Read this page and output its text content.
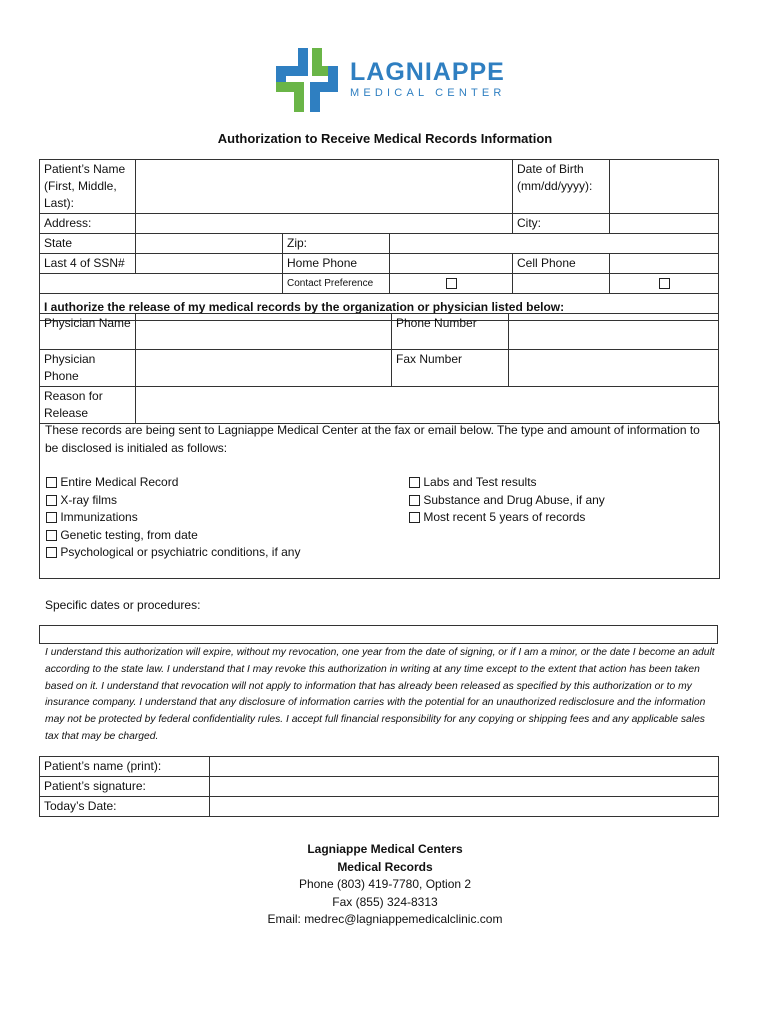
LAGNIAPPE
MEDICAL CENTER
Authorization to Receive Medical Records Information
Patient’s Name (First, Middle, Last):				Date of Birth (mm/dd/yyyy):	
Address:				City:	
State		Zip:			
Last 4 of SSN#		Home Phone		Cell Phone	
		Contact Preference			
I authorize the release of my medical records by the organization or physician listed below:					
Physician Name		Phone Number	
Physician Phone		Fax Number	
Reason for Release			
These records are being sent to Lagniappe Medical Center at the fax or email below. The type and amount of information to be disclosed is initialed as follows:
Entire Medical Record
X-ray films
Immunizations
Genetic testing, from date
Psychological or psychiatric conditions, if any
Labs and Test results
Substance and Drug Abuse, if any
Most recent 5 years of records
Specific dates or procedures:
I understand this authorization will expire, without my revocation, one year from the date of signing, or if I am a minor, or the date I become an adult according to the state law. I understand that I may revoke this authorization in writing at any time except to the extent that action has been taken based on it. I understand that revocation will not apply to information that has already been released as specified by this authorization or to my insurance company. I understand that any disclosure of information carries with the potential for an unauthorized redisclosure and the information may not be protected by federal confidentiality rules. I accept full financial responsibility for any copying or shipping fees and any applicable sales tax that may be charged.
Patient’s name (print):	
Patient’s signature:	
Today’s Date:	
Lagniappe Medical Centers
Medical Records
Phone (803) 419-7780, Option 2
Fax (855) 324-8313
Email: medrec@lagniappemedicalclinic.com
